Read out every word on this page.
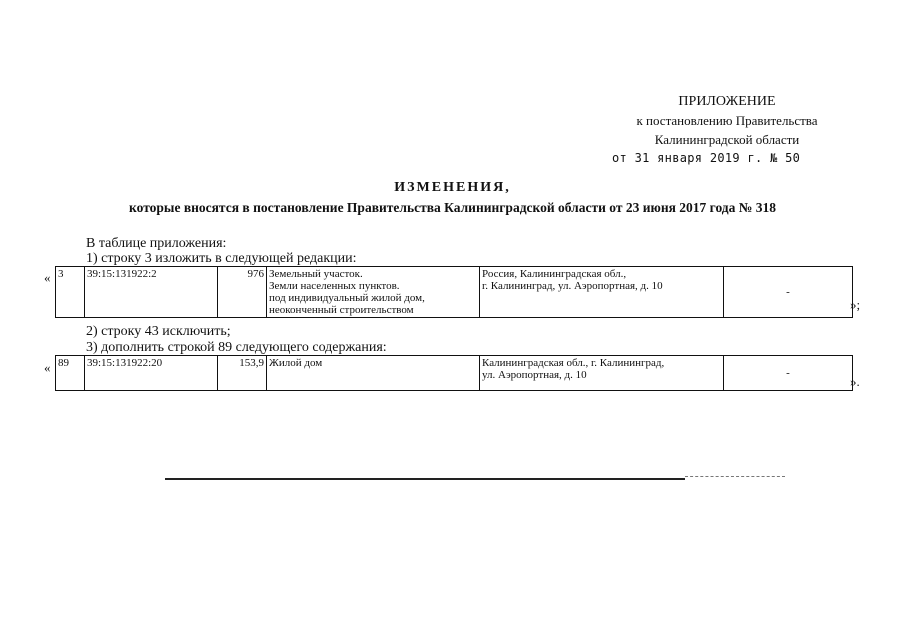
ПРИЛОЖЕНИЕ
к постановлению Правительства
Калининградской области
от 31 января 2019 г. № 50
ИЗМЕНЕНИЯ,
которые вносятся в постановление Правительства Калининградской области от 23 июня 2017 года № 318
В таблице приложения:
1) строку 3 изложить в следующей редакции:
« 3	39:15:131922:2	976	Земельный участок.
Земли населенных пунктов.
под индивидуальный жилой дом,
неоконченный строительством

Россия, Калининградская обл.,
г. Калининград, ул. Аэропортная, д. 10	-
»;
2) строку 43 исключить;
3) дополнить строкой 89 следующего содержания:
« 89	39:15:131922:20	153,9	Жилой дом	Калининградская обл., г. Калининград,
ул. Аэропортная, д. 10	-
».
